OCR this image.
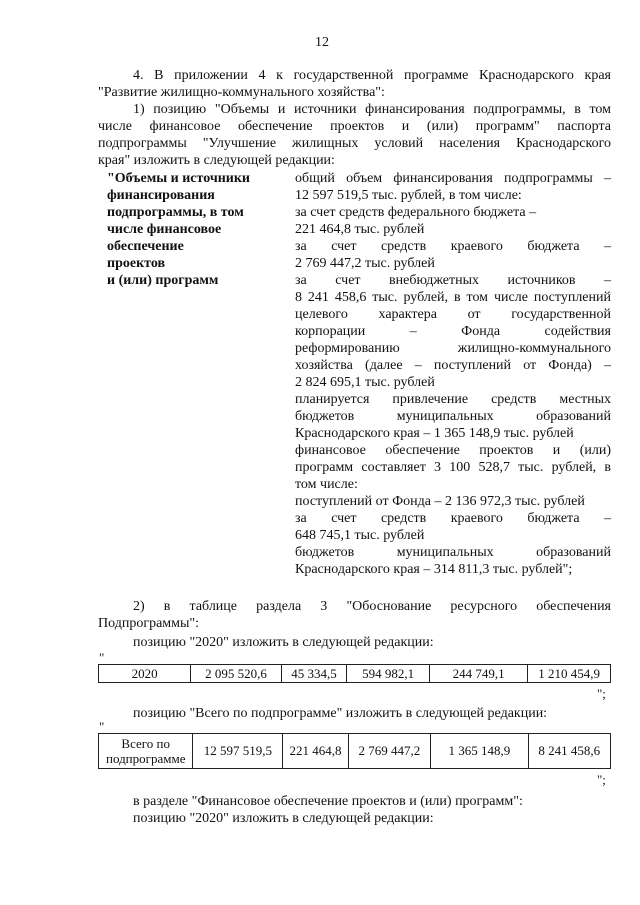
12
4. В приложении 4 к государственной программе Краснодарского края
"Развитие жилищно-коммунального хозяйства":
1) позицию "Объемы и источники финансирования подпрограммы, в том
числе финансовое обеспечение проектов и (или) программ" паспорта
подпрограммы "Улучшение жилищных условий населения Краснодарского
края" изложить в следующей редакции:
"Объемы и источники
финансирования
подпрограммы, в том
числе финансовое
обеспечение
проектов
и (или) программ
общий объем финансирования подпрограммы –
12 597 519,5 тыс. рублей, в том числе:
за счет средств федерального бюджета –
221 464,8 тыс. рублей
за счет средств краевого бюджета –
2 769 447,2 тыс. рублей
за счет внебюджетных источников –
8 241 458,6 тыс. рублей, в том числе поступлений
целевого характера от государственной
корпорации – Фонда содействия
реформированию жилищно-коммунального
хозяйства (далее – поступлений от Фонда) –
2 824 695,1 тыс. рублей
планируется привлечение средств местных
бюджетов муниципальных образований
Краснодарского края – 1 365 148,9 тыс. рублей
финансовое обеспечение проектов и (или)
программ составляет 3 100 528,7 тыс. рублей, в
том числе:
поступлений от Фонда – 2 136 972,3 тыс. рублей
за счет средств краевого бюджета –
648 745,1 тыс. рублей
бюджетов муниципальных образований
Краснодарского края – 314 811,3 тыс. рублей";
2) в таблице раздела 3 "Обоснование ресурсного обеспечения
Подпрограммы":
позицию "2020" изложить в следующей редакции:
"
2020	2 095 520,6	45 334,5	594 982,1	244 749,1	1 210 454,9
";
позицию "Всего по подпрограмме" изложить в следующей редакции:
"
Всего по
подпрограмме
	12 597 519,5	221 464,8	2 769 447,2	1 365 148,9	8 241 458,6
";
в разделе "Финансовое обеспечение проектов и (или) программ":
позицию "2020" изложить в следующей редакции:
